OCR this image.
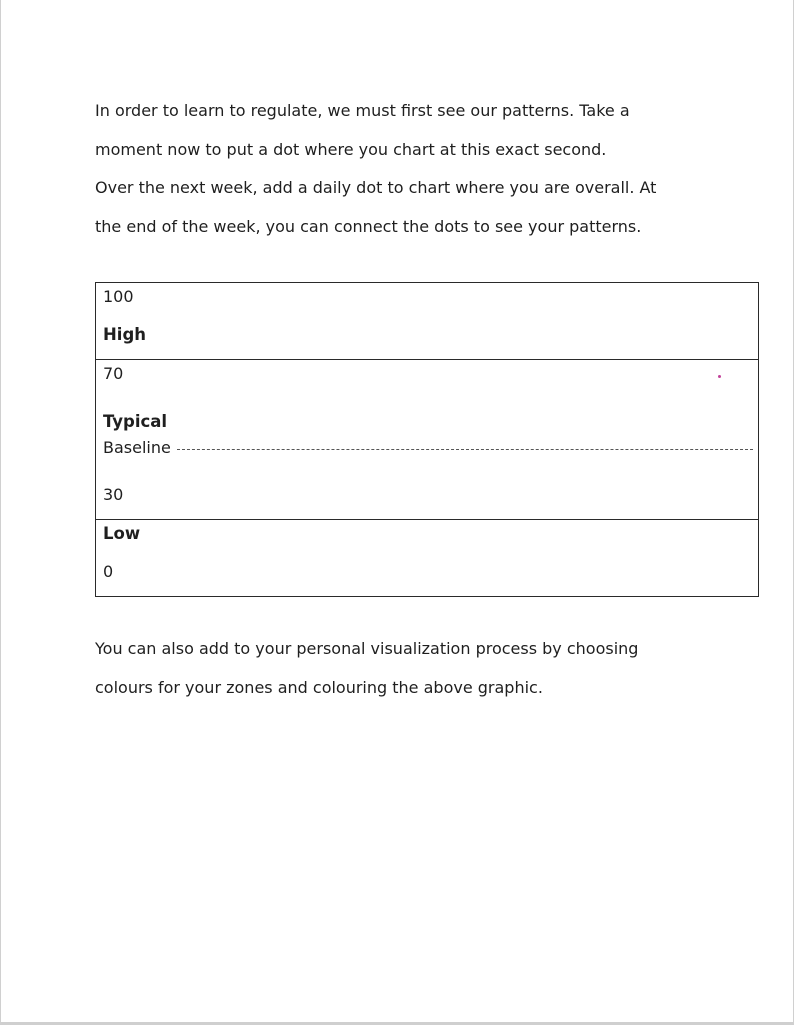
In order to learn to regulate, we must first see our patterns. Take a

moment now to put a dot where you chart at this exact second.

Over the next week, add a daily dot to chart where you are overall. At

the end of the week, you can connect the dots to see your patterns.

100
High
70
Typical
Baseline
30
Low
0

You can also add to your personal visualization process by choosing

colours for your zones and colouring the above graphic.
